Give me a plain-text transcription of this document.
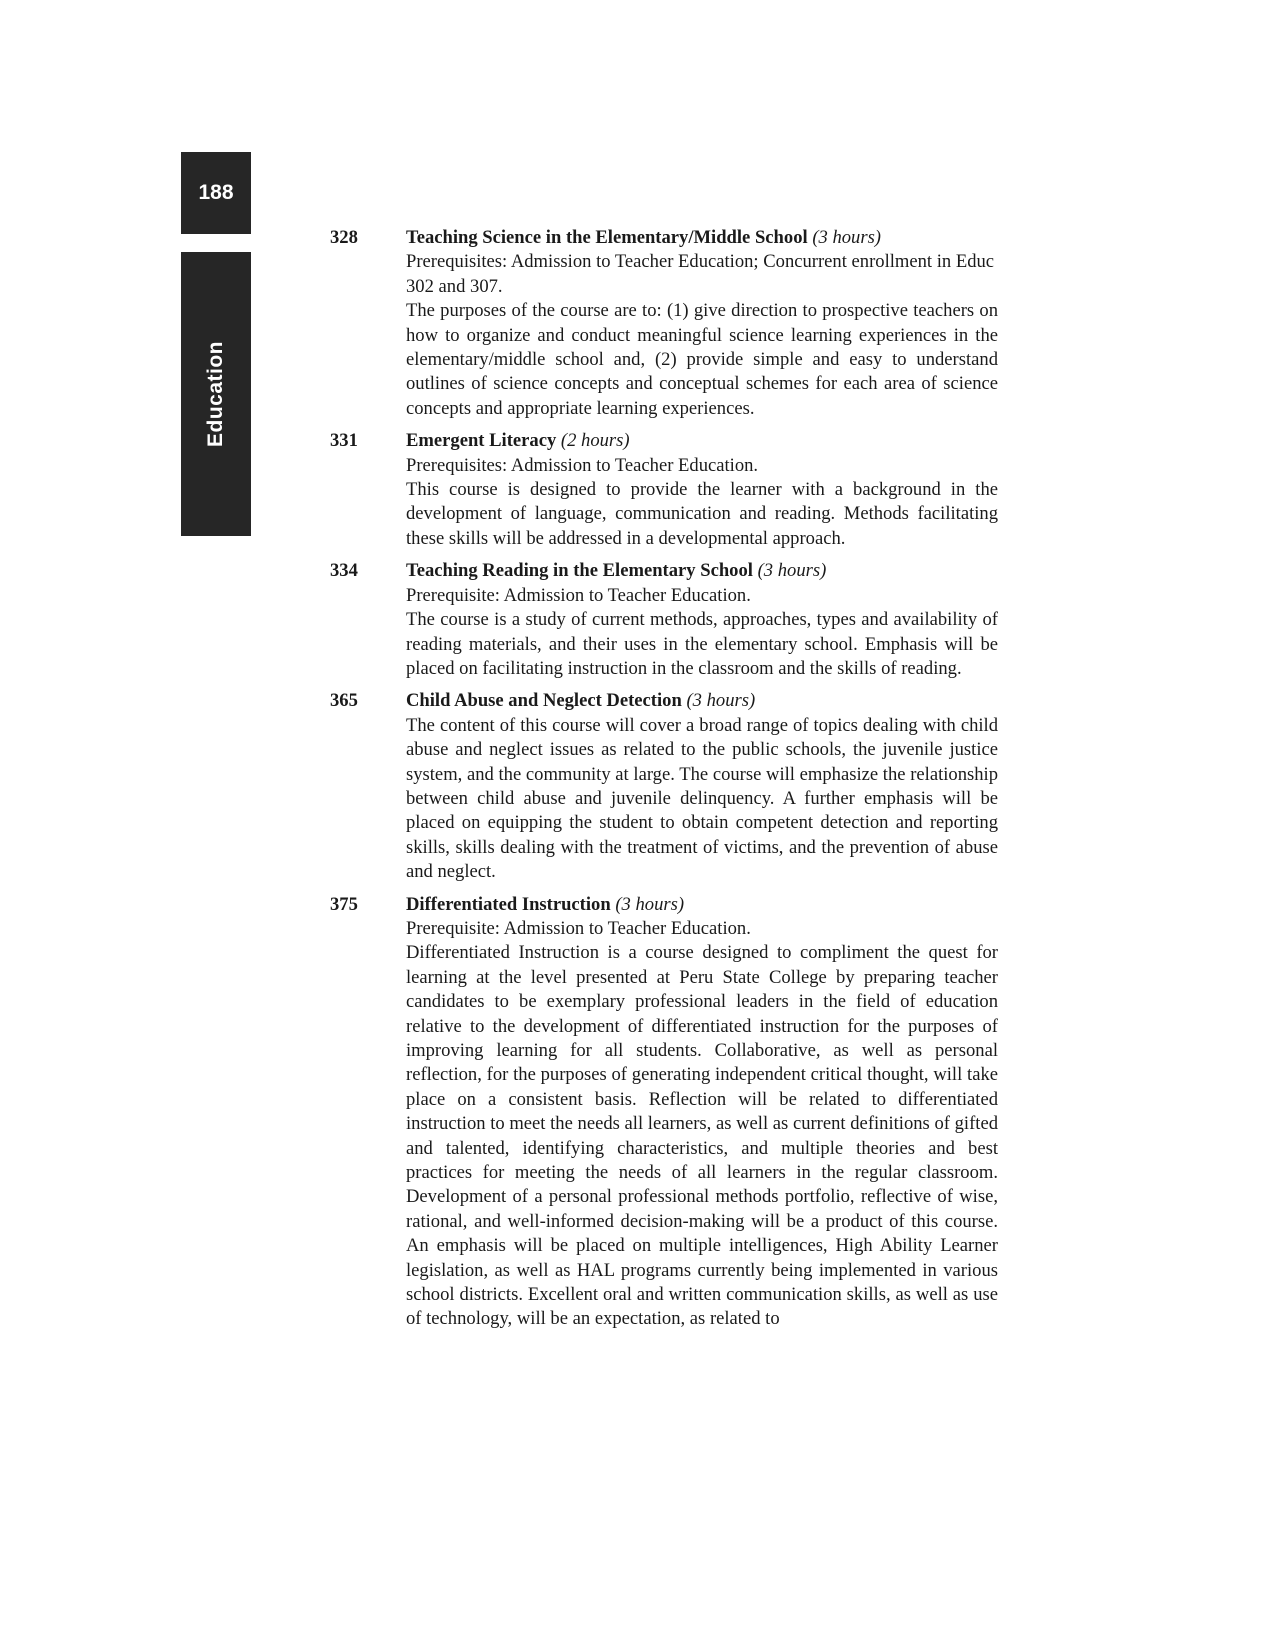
188
Education
328	Teaching Science in the Elementary/Middle School (3 hours)

Prerequisites: Admission to Teacher Education; Concurrent enrollment in Educ 302 and 307.

The purposes of the course are to: (1) give direction to prospective teachers on how to organize and conduct meaningful science learning experiences in the elementary/middle school and, (2) provide simple and easy to understand outlines of science concepts and conceptual schemes for each area of science concepts and appropriate learning experiences.

331	Emergent Literacy (2 hours)

Prerequisites: Admission to Teacher Education.

This course is designed to provide the learner with a background in the development of language, communication and reading. Methods facilitating these skills will be addressed in a developmental approach.

334	Teaching Reading in the Elementary School (3 hours)

Prerequisite: Admission to Teacher Education.

The course is a study of current methods, approaches, types and availability of reading materials, and their uses in the elementary school. Emphasis will be placed on facilitating instruction in the classroom and the skills of reading.

365	Child Abuse and Neglect Detection (3 hours)

The content of this course will cover a broad range of topics dealing with child abuse and neglect issues as related to the public schools, the juvenile justice system, and the community at large. The course will emphasize the relationship between child abuse and juvenile delinquency. A further emphasis will be placed on equipping the student to obtain competent detection and reporting skills, skills dealing with the treatment of victims, and the prevention of abuse and neglect.

375	Differentiated Instruction (3 hours)

Prerequisite: Admission to Teacher Education.

Differentiated Instruction is a course designed to compliment the quest for learning at the level presented at Peru State College by preparing teacher candidates to be exemplary professional leaders in the field of education relative to the development of differentiated instruction for the purposes of improving learning for all students. Collaborative, as well as personal reflection, for the purposes of generating independent critical thought, will take place on a consistent basis. Reflection will be related to differentiated instruction to meet the needs all learners, as well as current definitions of gifted and talented, identifying characteristics, and multiple theories and best practices for meeting the needs of all learners in the regular classroom. Development of a personal professional methods portfolio, reflective of wise, rational, and well-informed decision-making will be a product of this course. An emphasis will be placed on multiple intelligences, High Ability Learner legislation, as well as HAL programs currently being implemented in various school districts. Excellent oral and written communication skills, as well as use of technology, will be an expectation, as related to
